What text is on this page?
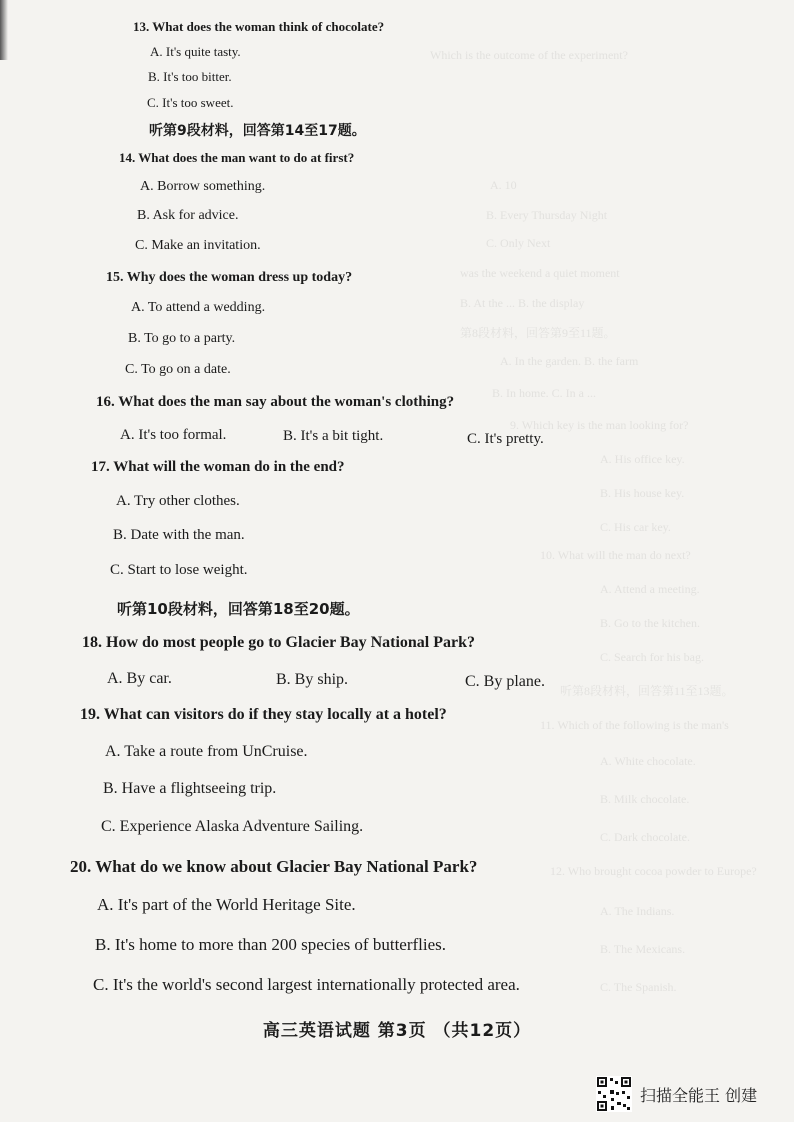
Which is the outcome of the experiment?
A. 10
B. Every Thursday Night
C. Only Next
was the weekend a quiet moment
B. At the ... B. the display
第8段材料，回答第9至11题。
A. In the garden. B. the farm
B. In home. C. In a ...
9. Which key is the man looking for?
A. His office key.
B. His house key.
C. His car key.
10. What will the man do next?
A. Attend a meeting.
B. Go to the kitchen.
C. Search for his bag.
听第8段材料，回答第11至13题。
11. Which of the following is the man's
A. White chocolate.
B. Milk chocolate.
C. Dark chocolate.
12. Who brought cocoa powder to Europe?
A. The Indians.
B. The Mexicans.
C. The Spanish.
13. What does the woman think of chocolate?
A. It's quite tasty.
B. It's too bitter.
C. It's too sweet.
听第9段材料，回答第14至17题。
14. What does the man want to do at first?
A. Borrow something.
B. Ask for advice.
C. Make an invitation.
15. Why does the woman dress up today?
A. To attend a wedding.
B. To go to a party.
C. To go on a date.
16. What does the man say about the woman's clothing?
A. It's too formal.	B. It's a bit tight.	C. It's pretty.
17. What will the woman do in the end?
A. Try other clothes.
B. Date with the man.
C. Start to lose weight.
听第10段材料，回答第18至20题。
18. How do most people go to Glacier Bay National Park?
A. By car.	B. By ship.	C. By plane.
19. What can visitors do if they stay locally at a hotel?
A. Take a route from UnCruise.
B. Have a flightseeing trip.
C. Experience Alaska Adventure Sailing.
20. What do we know about Glacier Bay National Park?
A. It's part of the World Heritage Site.
B. It's home to more than 200 species of butterflies.
C. It's the world's second largest internationally protected area.
高三英语试题 第3页 （共12页）
扫描全能王 创建
